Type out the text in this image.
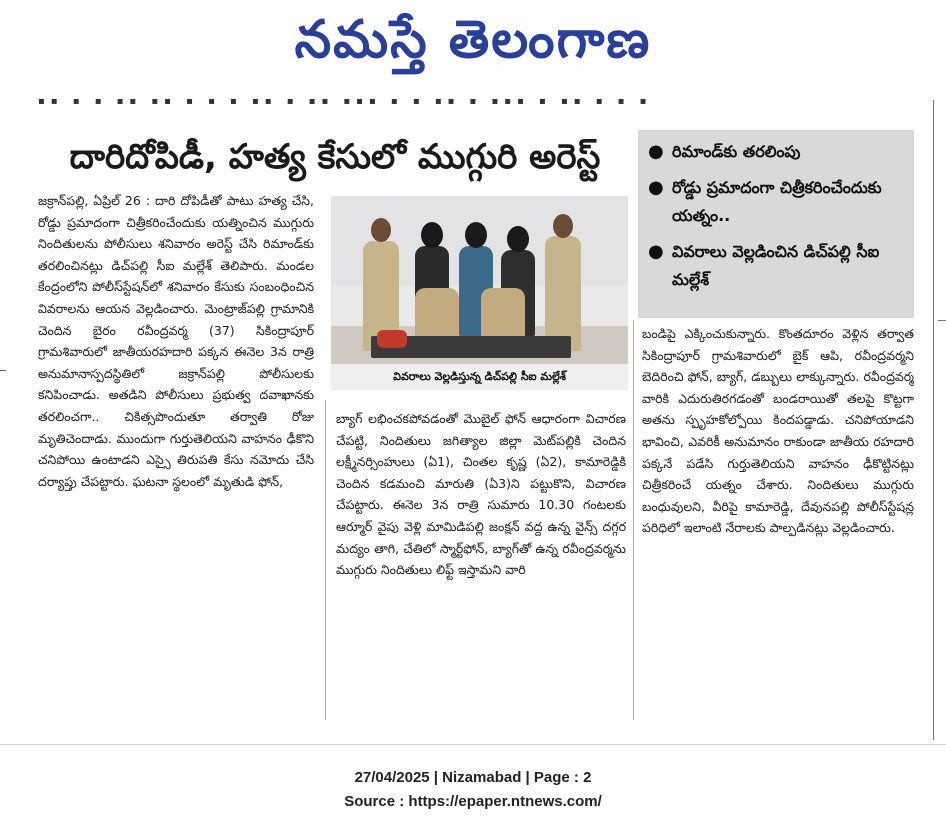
నమస్తే తెలంగాణ
▪▪ ▪ ▪ ▪▪ ▪▪ ▪ ▪ ▪ ▪▪ ▪ ▪▪ ▪▪▪ ▪ ▪ ▪▪ ▪ ▪▪▪ ▪ ▪▪ ▪ ▪ ▪
దారిదోపిడీ, హత్య కేసులో ముగ్గురి అరెస్ట్	● రిమాండ్‌కు తరలింపు
● రోడ్డు ప్రమాదంగా చిత్రీకరించేందుకు యత్నం..
● వివరాలు వెల్లడించిన డిచ్‌పల్లి సీఐ మల్లేశ్
వివరాలు వెల్లడిస్తున్న డిచ్‌పల్లి సీఐ మల్లేశ్
జక్రాన్‌పల్లి, ఏప్రిల్ 26 : దారి దోపిడీతో పాటు హత్య చేసి, రోడ్డు ప్రమాదంగా చిత్రీకరించేందుకు యత్నించిన ముగ్గురు నిందితులను పోలీసులు శనివారం అరెస్ట్ చేసి రిమాండ్‌కు తరలించినట్లు డిచ్‌పల్లి సీఐ మల్లేశ్ తెలిపారు. మండల కేంద్రంలోని పోలీస్‌స్టేషన్‌లో శనివారం కేసుకు సంబంధించిన వివరాలను ఆయన వెల్లడించారు. మెంట్రాజ్‌పల్లి గ్రామానికి చెందిన బైరం రవీంద్రవర్మ (37) సికింద్రాపూర్ గ్రామశివారులో జాతీయరహదారి పక్కన ఈనెల 3న రాత్రి అనుమానాస్పదస్థితిలో జక్రాన్‌పల్లి పోలీసులకు కనిపించాడు. అతడిని పోలీసులు ప్రభుత్వ దవాఖానకు తరలించగా.. చికిత్సపొందుతూ తర్వాతి రోజు మృతిచెందాడు. ముందుగా గుర్తుతెలియని వాహనం ఢీకొని చనిపోయి ఉంటాడని ఎస్సై తిరుపతి కేసు నమోదు చేసి దర్యాప్తు చేపట్టారు. ఘటనా స్థలంలో మృతుడి ఫోన్,
బ్యాగ్ లభించకపోవడంతో మొబైల్ ఫోన్ ఆధారంగా విచారణ చేపట్టి, నిందితులు జగిత్యాల జిల్లా మెట్‌పల్లికి చెందిన లక్ష్మీనర్సింహులు (ఏ1), చింతల కృష్ణ (ఏ2), కామారెడ్డికి చెందిన కడమంచి మారుతి (ఏ3)ని పట్టుకొని, విచారణ చేపట్టారు. ఈనెల 3న రాత్రి సుమారు 10.30 గంటలకు ఆర్మూర్ వైపు వెళ్లి మామిడిపల్లి జంక్షన్ వద్ద ఉన్న వైన్స్ దగ్గర మద్యం తాగి, చేతిలో స్మార్ట్‌ఫోన్, బ్యాగ్‌తో ఉన్న రవీంద్రవర్మను ముగ్గురు నిందితులు లిఫ్ట్ ఇస్తామని వారి
బండిపై ఎక్కించుకున్నారు. కొంతదూరం వెళ్లిన తర్వాత సికింద్రాపూర్ గ్రామశివారులో బైక్ ఆపి, రవీంద్రవర్మని బెదిరించి ఫోన్, బ్యాగ్, డబ్బులు లాక్కున్నారు. రవీంద్రవర్మ వారికి ఎదురుతిరగడంతో బండరాయితో తలపై కొట్టగా అతను స్పృహకోల్పోయి కిందపడ్డాడు. చనిపోయాడని భావించి, ఎవరికీ అనుమానం రాకుండా జాతీయ రహదారి పక్కనే పడేసి గుర్తుతెలియని వాహనం ఢీకొట్టినట్లు చిత్రీకరించే యత్నం చేశారు. నిందితులు ముగ్గురు బంధువులని, వీరిపై కామారెడ్డి, దేవునపల్లి పోలీస్‌స్టేషన్ల పరిధిలో ఇలాంటి నేరాలకు పాల్పడినట్లు వెల్లడించారు.
27/04/2025 | Nizamabad | Page : 2
Source : https://epaper.ntnews.com/
